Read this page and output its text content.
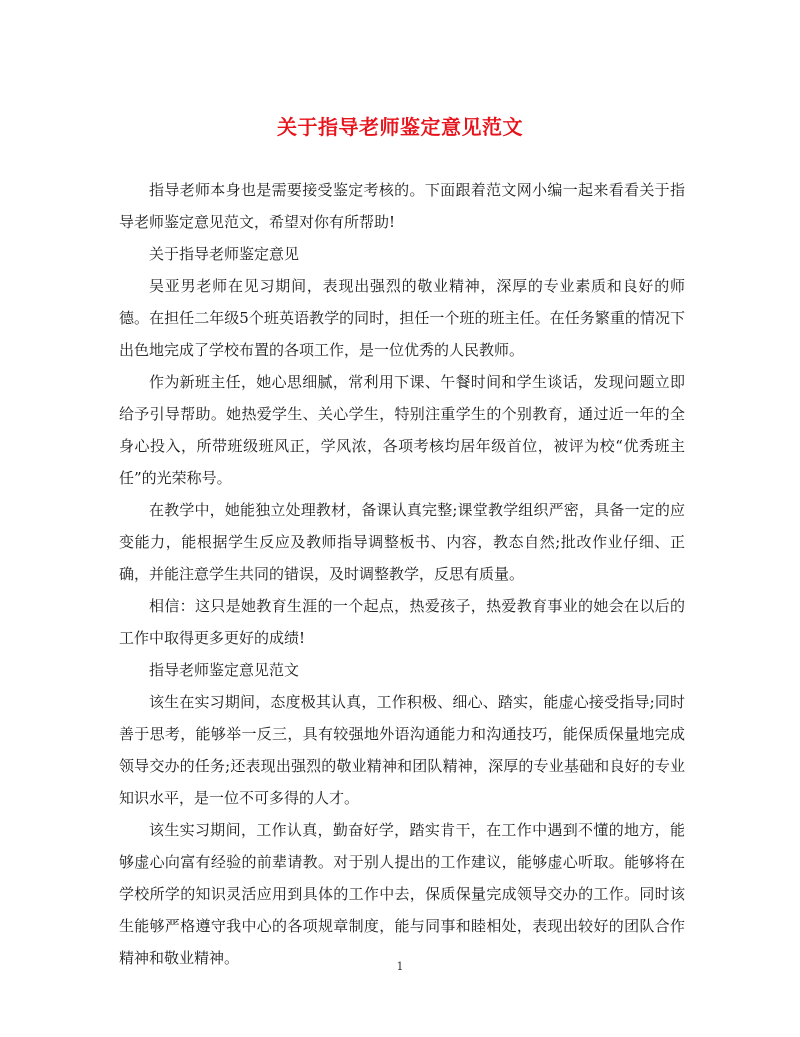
关于指导老师鉴定意见范文

指导老师本身也是需要接受鉴定考核的。下面跟着范文网小编一起来看看关于指导老师鉴定意见范文，希望对你有所帮助!

关于指导老师鉴定意见

吴亚男老师在见习期间，表现出强烈的敬业精神，深厚的专业素质和良好的师德。在担任二年级5个班英语教学的同时，担任一个班的班主任。在任务繁重的情况下出色地完成了学校布置的各项工作，是一位优秀的人民教师。

作为新班主任，她心思细腻，常利用下课、午餐时间和学生谈话，发现问题立即给予引导帮助。她热爱学生、关心学生，特别注重学生的个别教育，通过近一年的全身心投入，所带班级班风正，学风浓，各项考核均居年级首位，被评为校“优秀班主任”的光荣称号。

在教学中，她能独立处理教材，备课认真完整;课堂教学组织严密，具备一定的应变能力，能根据学生反应及教师指导调整板书、内容，教态自然;批改作业仔细、正确，并能注意学生共同的错误，及时调整教学，反思有质量。

相信：这只是她教育生涯的一个起点，热爱孩子，热爱教育事业的她会在以后的工作中取得更多更好的成绩!

指导老师鉴定意见范文

该生在实习期间，态度极其认真，工作积极、细心、踏实，能虚心接受指导;同时善于思考，能够举一反三，具有较强地外语沟通能力和沟通技巧，能保质保量地完成领导交办的任务;还表现出强烈的敬业精神和团队精神，深厚的专业基础和良好的专业知识水平，是一位不可多得的人才。

该生实习期间，工作认真，勤奋好学，踏实肯干，在工作中遇到不懂的地方，能够虚心向富有经验的前辈请教。对于别人提出的工作建议，能够虚心听取。能够将在学校所学的知识灵活应用到具体的工作中去，保质保量完成领导交办的工作。同时该生能够严格遵守我中心的各项规章制度，能与同事和睦相处，表现出较好的团队合作精神和敬业精神。	1
